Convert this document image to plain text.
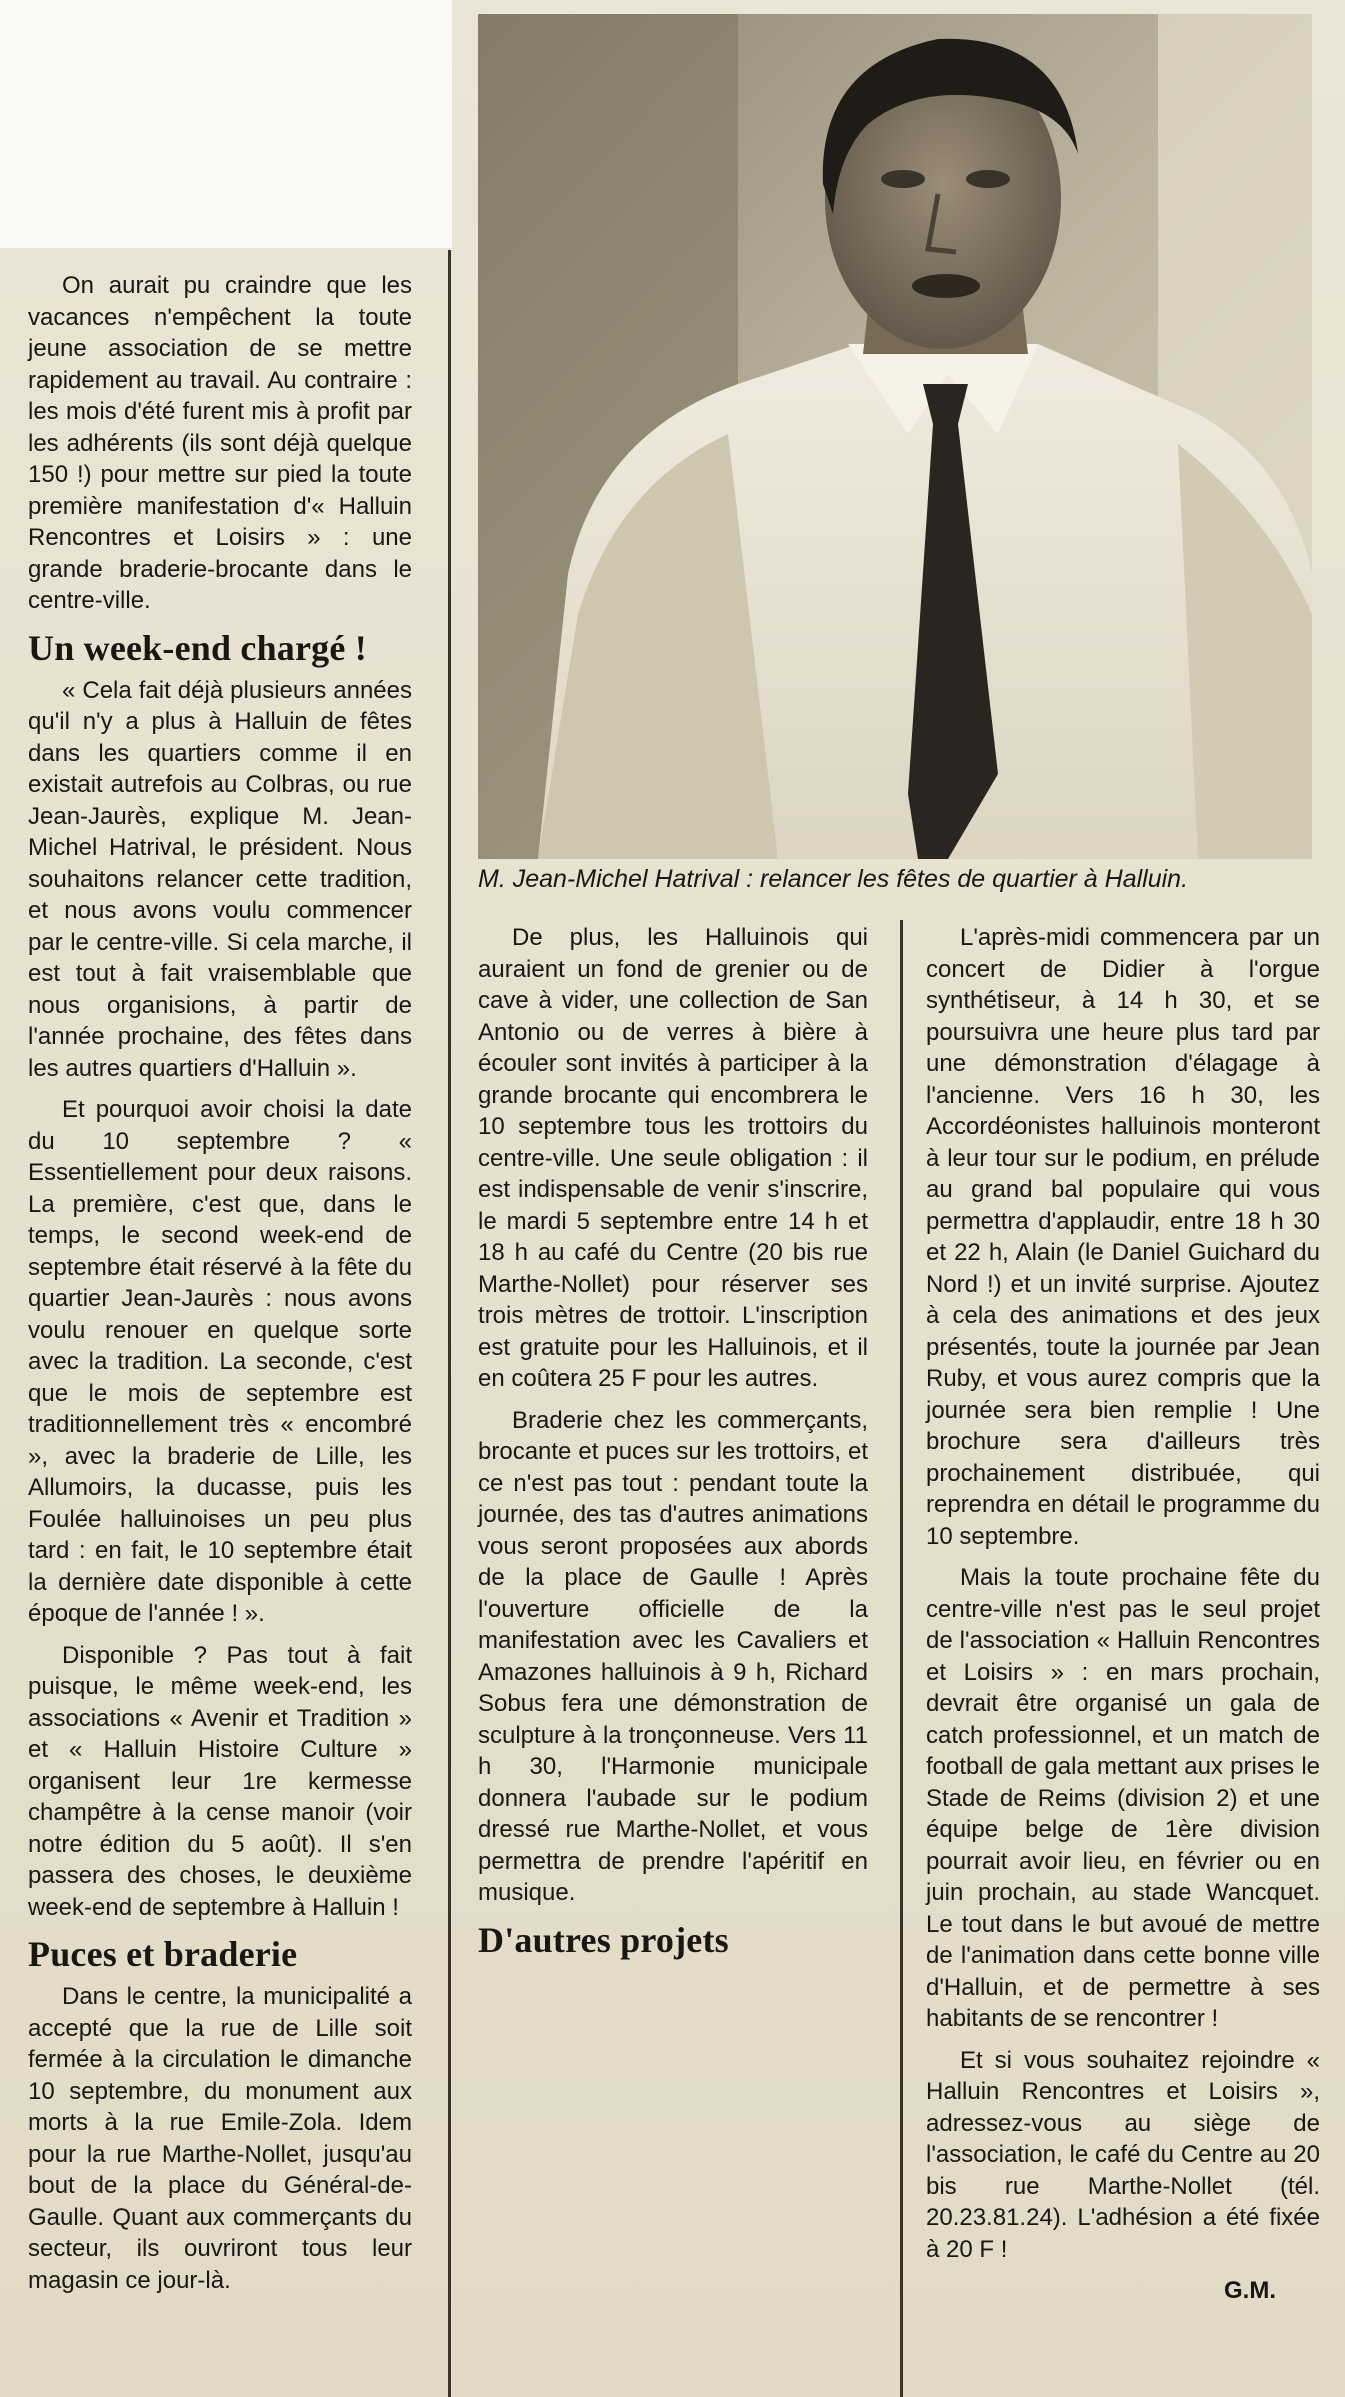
M. Jean-Michel Hatrival : relancer les fêtes de quartier à Halluin.

On aurait pu craindre que les vacances n'empêchent la toute jeune association de se mettre rapidement au travail. Au contraire : les mois d'été furent mis à profit par les adhérents (ils sont déjà quelque 150 !) pour mettre sur pied la toute première manifestation d'« Halluin Rencontres et Loisirs » : une grande braderie-brocante dans le centre-ville.

Un week-end chargé !

« Cela fait déjà plusieurs années qu'il n'y a plus à Halluin de fêtes dans les quartiers comme il en existait autrefois au Colbras, ou rue Jean-Jaurès, explique M. Jean-Michel Hatrival, le président. Nous souhaitons relancer cette tradition, et nous avons voulu commencer par le centre-ville. Si cela marche, il est tout à fait vraisemblable que nous organisions, à partir de l'année prochaine, des fêtes dans les autres quartiers d'Halluin ».

Et pourquoi avoir choisi la date du 10 septembre ? « Essentiellement pour deux raisons. La première, c'est que, dans le temps, le second week-end de septembre était réservé à la fête du quartier Jean-Jaurès : nous avons voulu renouer en quelque sorte avec la tradition. La seconde, c'est que le mois de septembre est traditionnellement très « encombré », avec la braderie de Lille, les Allumoirs, la ducasse, puis les Foulée halluinoises un peu plus tard : en fait, le 10 septembre était la dernière date disponible à cette époque de l'année ! ».

Disponible ? Pas tout à fait puisque, le même week-end, les associations « Avenir et Tradition » et « Halluin Histoire Culture » organisent leur 1re kermesse champêtre à la cense manoir (voir notre édition du 5 août). Il s'en passera des choses, le deuxième week-end de septembre à Halluin !

Puces et braderie

Dans le centre, la municipalité a accepté que la rue de Lille soit fermée à la circulation le dimanche 10 septembre, du monument aux morts à la rue Emile-Zola. Idem pour la rue Marthe-Nollet, jusqu'au bout de la place du Général-de-Gaulle. Quant aux commerçants du secteur, ils ouvriront tous leur magasin ce jour-là.

De plus, les Halluinois qui auraient un fond de grenier ou de cave à vider, une collection de San Antonio ou de verres à bière à écouler sont invités à participer à la grande brocante qui encombrera le 10 septembre tous les trottoirs du centre-ville. Une seule obligation : il est indispensable de venir s'inscrire, le mardi 5 septembre entre 14 h et 18 h au café du Centre (20 bis rue Marthe-Nollet) pour réserver ses trois mètres de trottoir. L'inscription est gratuite pour les Halluinois, et il en coûtera 25 F pour les autres.

Braderie chez les commerçants, brocante et puces sur les trottoirs, et ce n'est pas tout : pendant toute la journée, des tas d'autres animations vous seront proposées aux abords de la place de Gaulle ! Après l'ouverture officielle de la manifestation avec les Cavaliers et Amazones halluinois à 9 h, Richard Sobus fera une démonstration de sculpture à la tronçonneuse. Vers 11 h 30, l'Harmonie municipale donnera l'aubade sur le podium dressé rue Marthe-Nollet, et vous permettra de prendre l'apéritif en musique.

D'autres projets

L'après-midi commencera par un concert de Didier à l'orgue synthétiseur, à 14 h 30, et se poursuivra une heure plus tard par une démonstration d'élagage à l'ancienne. Vers 16 h 30, les Accordéonistes halluinois monteront à leur tour sur le podium, en prélude au grand bal populaire qui vous permettra d'applaudir, entre 18 h 30 et 22 h, Alain (le Daniel Guichard du Nord !) et un invité surprise. Ajoutez à cela des animations et des jeux présentés, toute la journée par Jean Ruby, et vous aurez compris que la journée sera bien remplie ! Une brochure sera d'ailleurs très prochainement distribuée, qui reprendra en détail le programme du 10 septembre.

Mais la toute prochaine fête du centre-ville n'est pas le seul projet de l'association « Halluin Rencontres et Loisirs » : en mars prochain, devrait être organisé un gala de catch professionnel, et un match de football de gala mettant aux prises le Stade de Reims (division 2) et une équipe belge de 1ère division pourrait avoir lieu, en février ou en juin prochain, au stade Wancquet. Le tout dans le but avoué de mettre de l'animation dans cette bonne ville d'Halluin, et de permettre à ses habitants de se rencontrer !

Et si vous souhaitez rejoindre « Halluin Rencontres et Loisirs », adressez-vous au siège de l'association, le café du Centre au 20 bis rue Marthe-Nollet (tél. 20.23.81.24). L'adhésion a été fixée à 20 F !

G.M.
